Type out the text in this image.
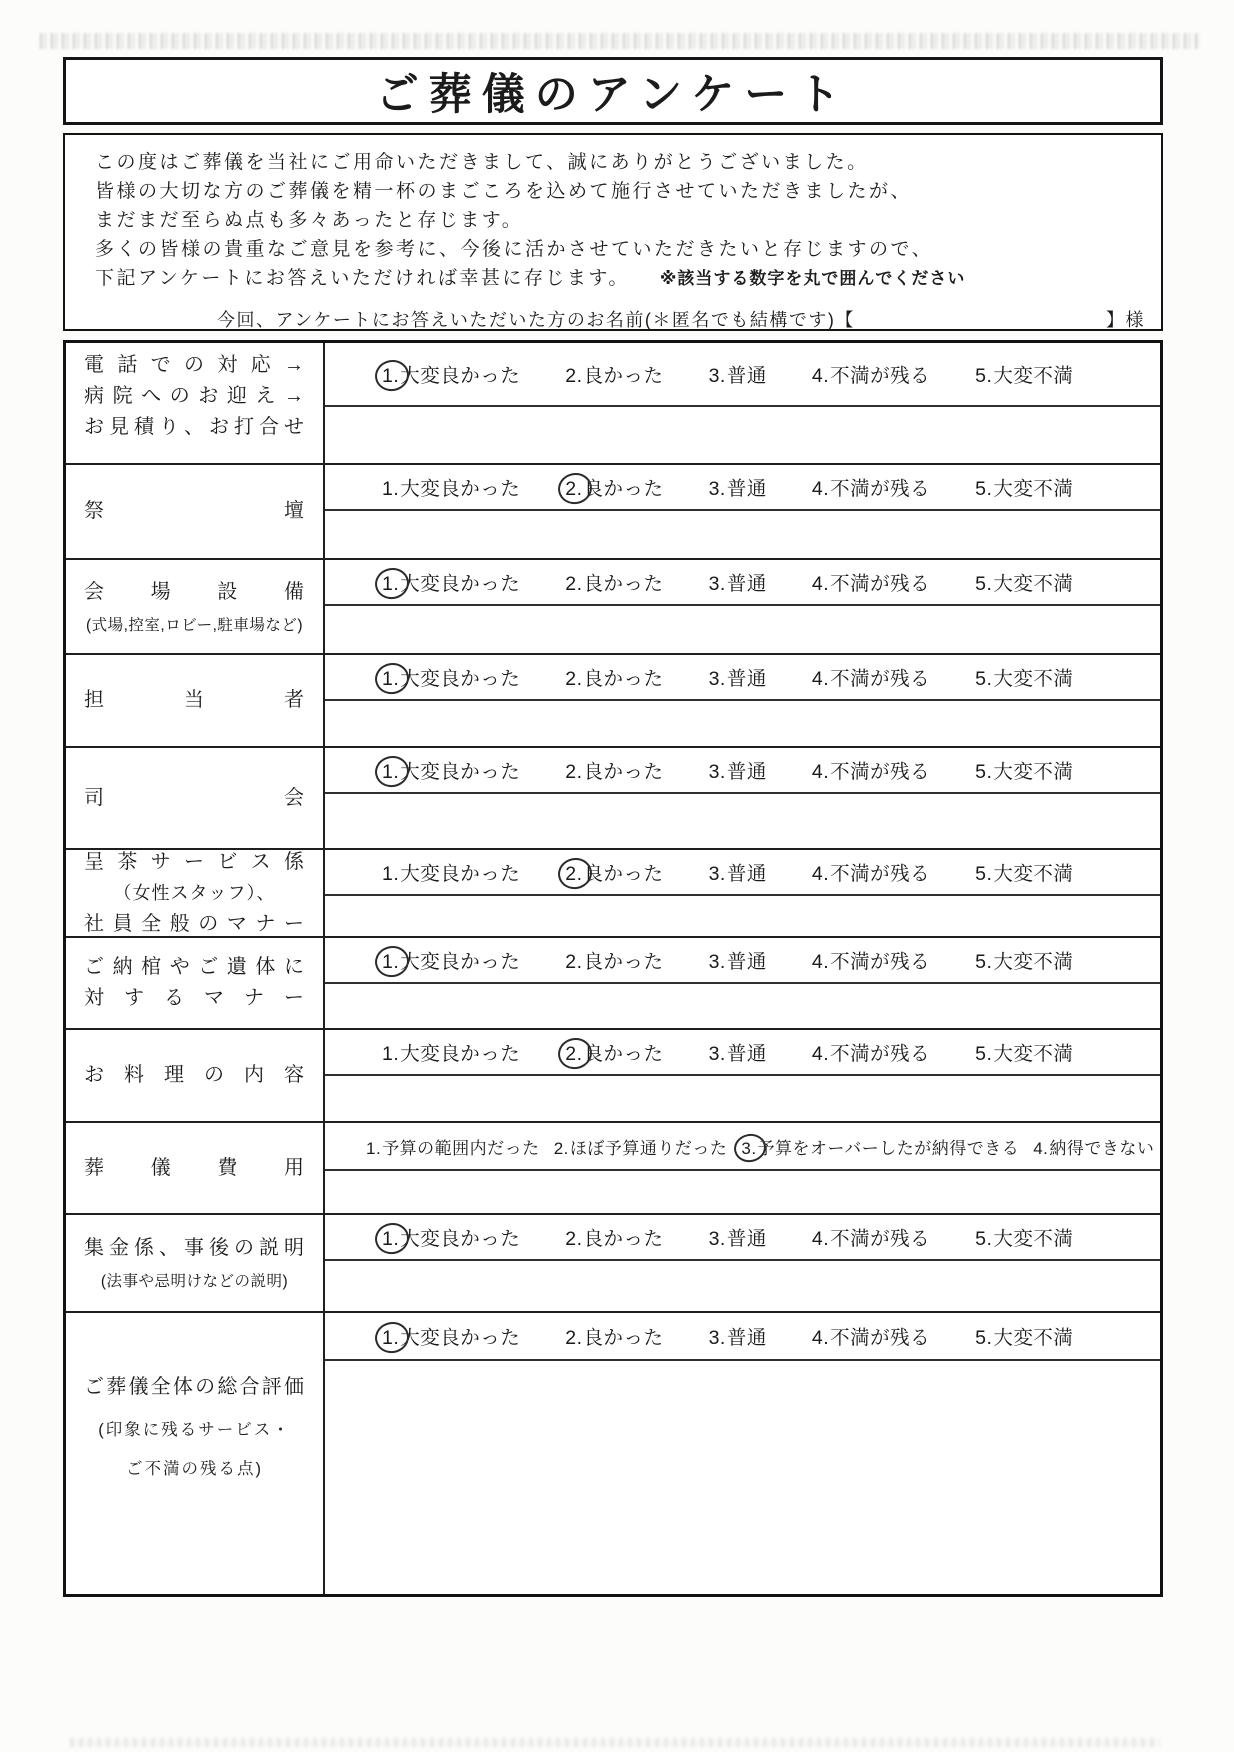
ご葬儀のアンケート

この度はご葬儀を当社にご用命いただきまして、誠にありがとうございました。

皆様の大切な方のご葬儀を精一杯のまごころを込めて施行させていただきましたが、

まだまだ至らぬ点も多々あったと存じます。

多くの皆様の貴重なご意見を参考に、今後に活かさせていただきたいと存じますので、

下記アンケートにお答えいただければ幸甚に存じます。 ※該当する数字を丸で囲んでください

今回、アンケートにお答えいただいた方のお名前(＊匿名でも結構です)【	】様
電話での対応→
病院へのお迎え→
お見積り、お打合せ
1. 大変良かった 2. 良かった 3. 普通 4. 不満が残る 5. 大変不満
祭壇
1. 大変良かった 2. 良かった 3. 普通 4. 不満が残る 5. 大変不満
会場設備
(式場,控室,ロビー,駐車場など)
1. 大変良かった 2. 良かった 3. 普通 4. 不満が残る 5. 大変不満
担当者
1. 大変良かった 2. 良かった 3. 普通 4. 不満が残る 5. 大変不満
司会
1. 大変良かった 2. 良かった 3. 普通 4. 不満が残る 5. 大変不満
呈茶サービス係
（女性スタッフ）、
社員全般のマナー
1. 大変良かった 2. 良かった 3. 普通 4. 不満が残る 5. 大変不満
ご納棺やご遺体に
対するマナー
1. 大変良かった 2. 良かった 3. 普通 4. 不満が残る 5. 大変不満
お料理の内容
1. 大変良かった 2. 良かった 3. 普通 4. 不満が残る 5. 大変不満
葬儀費用
1. 予算の範囲内だった 2. ほぼ予算通りだった 3. 予算をオーバーしたが納得できる 4. 納得できない
集金係、事後の説明
(法事や忌明けなどの説明)
1. 大変良かった 2. 良かった 3. 普通 4. 不満が残る 5. 大変不満
ご葬儀全体の総合評価
(印象に残るサービス・
ご不満の残る点)
1. 大変良かった 2. 良かった 3. 普通 4. 不満が残る 5. 大変不満
